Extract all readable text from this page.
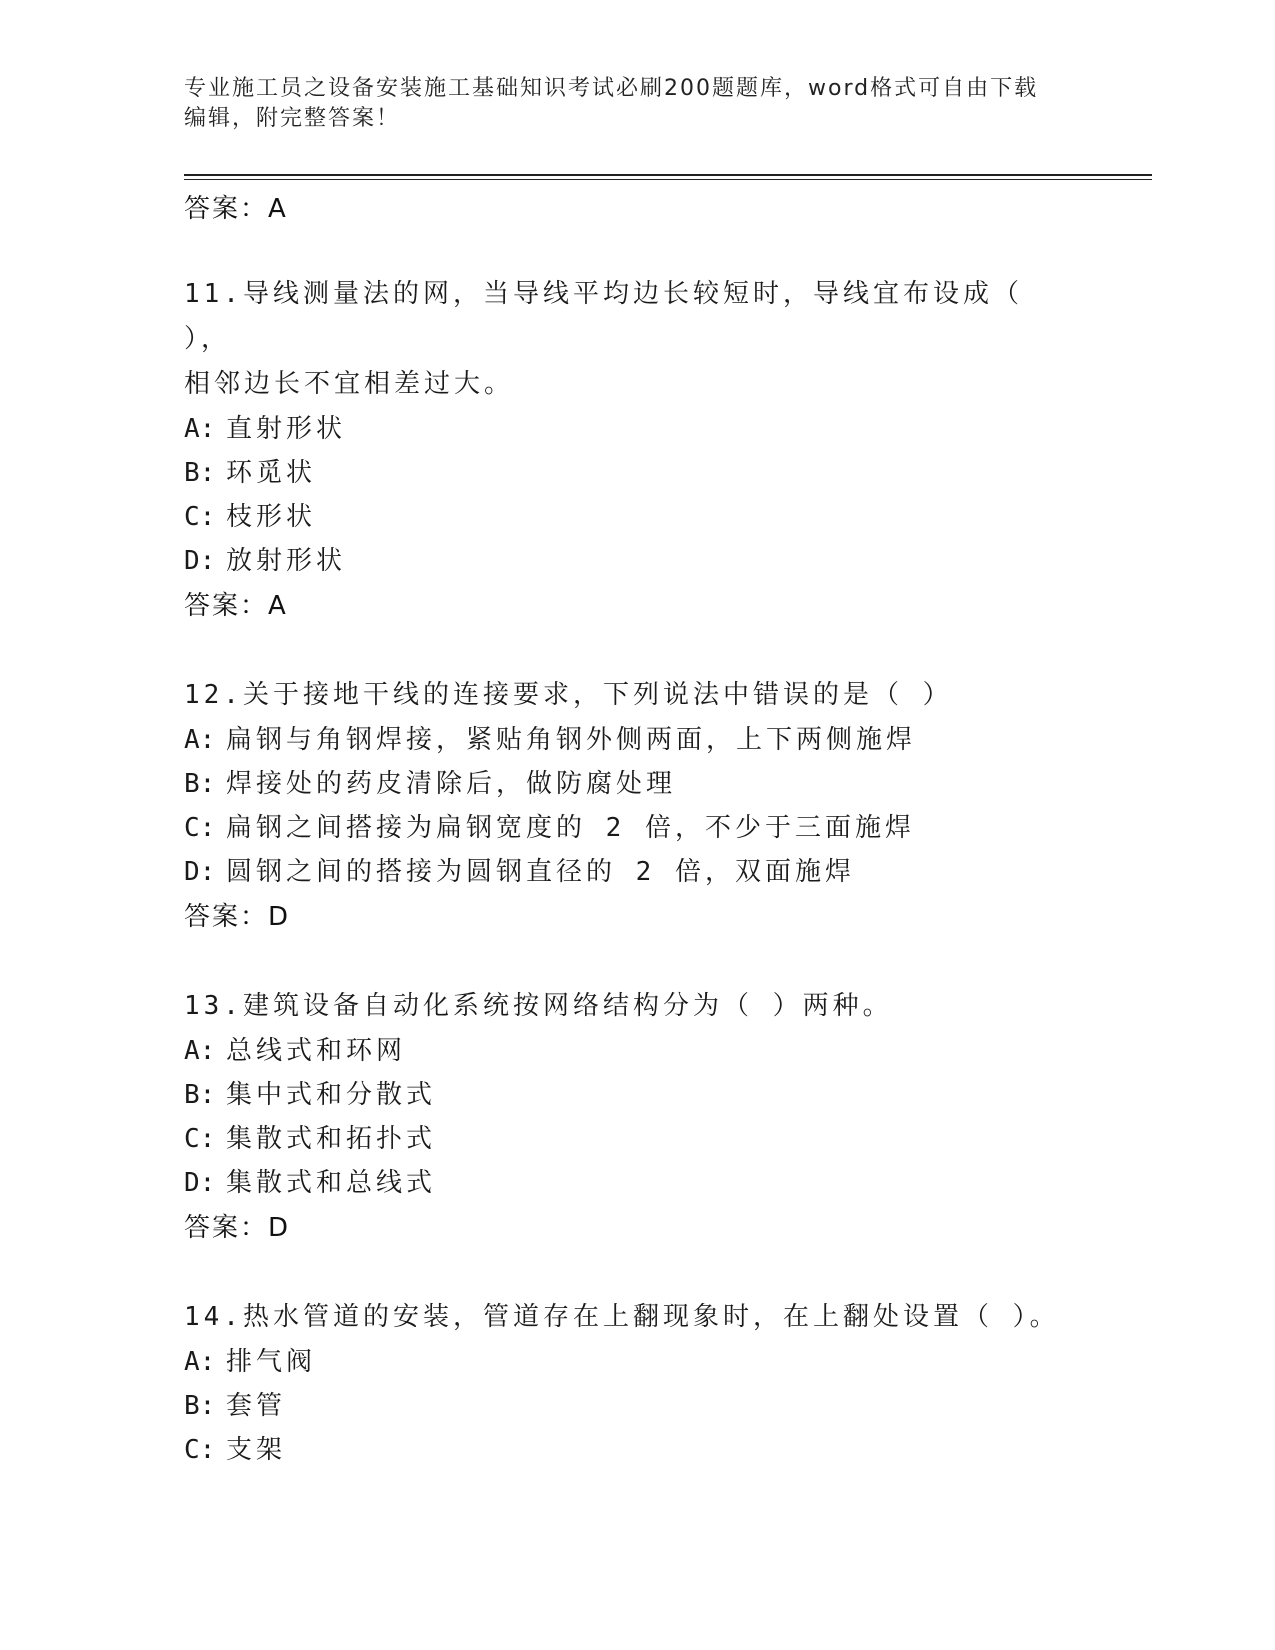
专业施工员之设备安装施工基础知识考试必刷200题题库，word格式可自由下载
编辑，附完整答案！

答案：A

11.导线测量法的网，当导线平均边长较短时，导线宜布设成（ ），

相邻边长不宜相差过大。

A: 直射形状

B: 环觅状

C: 枝形状

D: 放射形状

答案：A

12.关于接地干线的连接要求，下列说法中错误的是（ ）

A: 扁钢与角钢焊接，紧贴角钢外侧两面，上下两侧施焊

B: 焊接处的药皮清除后，做防腐处理

C: 扁钢之间搭接为扁钢宽度的 2 倍，不少于三面施焊

D: 圆钢之间的搭接为圆钢直径的 2 倍，双面施焊

答案：D

13.建筑设备自动化系统按网络结构分为（ ）两种。

A: 总线式和环网

B: 集中式和分散式

C: 集散式和拓扑式

D: 集散式和总线式

答案：D

14.热水管道的安装，管道存在上翻现象时，在上翻处设置（ ）。

A: 排气阀

B: 套管

C: 支架
